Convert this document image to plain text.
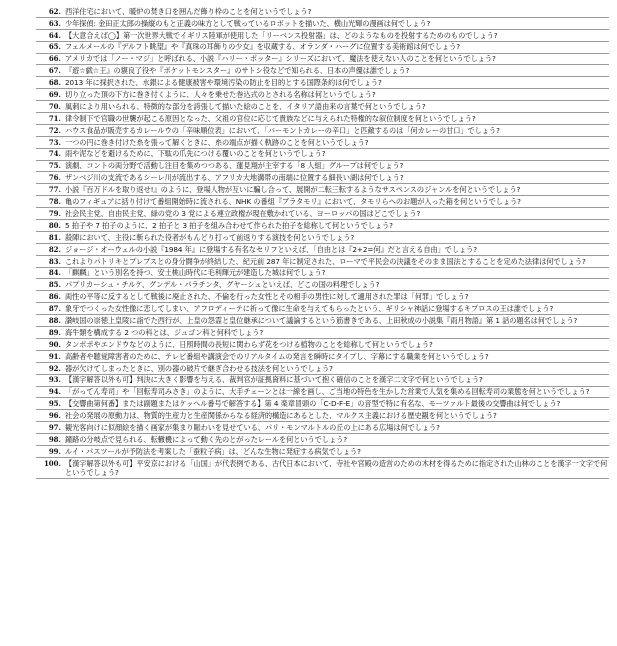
62. 西洋住宅において、暖炉の焚き口を囲んだ飾り枠のことを何というでしょう?
63. 少年探偵: 金田正太郎の操縦のもと正義の味方として戦っているロボットを描いた、横山光輝の漫画は何でしょう?
64. 【大意合えば◯】第一次世界大戦でイギリス陸軍が使用した「リーベンス投射器」は、どのようなものを投射するためのものでしょう?
65. フェルメールの『デルフト眺望』や『真珠の耳飾りの少女』を収蔵する、オランダ・ハーグに位置する美術館は何でしょう?
66. アメリカでは「ノー・マジ」と呼ばれる、小説『ハリー・ポッター』シリーズにおいて、魔法を使えない人のことを何というでしょう?
67. 『遊☆戯☆王』の貘良了役や『ポケットモンスター』のサトシ役などで知られる、日本の声優は誰でしょう?
68. 2013 年に採択された、水銀による健康被害や環境汚染の防止を目的とする国際条約は何でしょう?
69. 切り立った頂の下方に巻き付くように、人々を乗せた巻込式のとされる名称は何というでしょう?
70. 風刺により用いられる、特徴的な部分を誇張して描いた絵のことを、イタリア語由来の言葉で何というでしょう?
71. 律令制下で官職の世襲が起こる原因となった、父祖の官位に応じて貴族などに与えられた特権的な叙位制度を何というでしょう?
72. ハウス食品が販売するカレールウの「辛味順位表」において、「バーモントカレーの辛口」と匹敵するのは「何カレーの甘口」でしょう?
73. 一つの円に巻き付けた糸を張って解くときに、糸の端点が描く軌跡のことを何というでしょう?
74. 雨や泥などを避けるために、下駄の爪先につける覆いのことを何というでしょう?
75. 演劇、コントの両分野で活動し注目を集めつつある、蓮見翔が主宰する「8 人組」グループは何でしょう?
76. ザンベジ川の支流であるシーレ川が流出する、アフリカ大地溝帯の南端に位置する細長い湖は何でしょう?
77. 小説『百万ドルを取り返せ!』のように、登場人物が互いに騙し合って、展開が二転三転するようなサスペンスのジャンルを何というでしょう?
78. 亀のフィギュアに括り付けて番組開始時に流される、NHK の番組『ブラタモリ』において、タモリらへのお題が入った箱を何というでしょう?
79. 社会民主党、自由民主党、緑の党の 3 党による連立政権が現在敷かれている、ヨーロッパの国はどこでしょう?
80. 5 拍子や 7 拍子のように、2 拍子と 3 拍子を組み合わせて作られた拍子を総称して何というでしょう?
81. 殺陣において、主役に斬られた役者がもんどり打って前返りする演技を何というでしょう?
82. ジョージ・オーウェルの小説『1984 年』に登場する有名なセリフといえば、「自由とは『2+2=何』だと言える自由」でしょう?
83. これよりパトリキとプレブスとの身分闘争が終結した、紀元前 287 年に制定された、ローマで平民会の決議をそのまま国法とすることを定めた法律は何でしょう?
84. 「麒麟」という別名を持つ、安土桃山時代に毛利輝元が建造した城は何でしょう?
85. パプリカーシュ・チルケ、グンデル・パラチンタ、グヤーシュといえば、どこの国の料理でしょう?
86. 両性の平等に反するとして戦後に廃止された、不倫を行った女性とその相手の男性に対して適用された罪は「何罪」でしょう?
87. 象牙でつくった女性像に恋してしまい、アフロディーテに祈って像に生命を与えてもらったという、ギリシャ神話に登場するキプロスの王は誰でしょう?
88. 讃岐国の崇徳上皇陵に詣でた西行が、上皇の怨霊と皇位継承について議論するという筋書きである、上田秋成の小説集『雨月物語』第 1 話の題名は何でしょう?
89. 海牛類を構成する 2 つの科とは、ジュゴン科と何科でしょう?
90. タンポポやエンドウなどのように、日照時間の長短に関わらず花をつける植物のことを総称して何というでしょう?
91. 高齢者や聴覚障害者のために、テレビ番組や講演会でのリアルタイムの発言を瞬時にタイプし、字幕にする職業を何というでしょう?
92. 器が欠けてしまったときに、別の器の破片で継ぎ合わせる技法を何というでしょう?
93. 【漢字解答以外も可】判決に大きく影響を与える、裁判官が証拠資料に基づいて抱く確信のことを漢字二文字で何というでしょう?
94. 「がってん寿司」や「回転寿司みさき」のように、大手チェーンとは一線を画し、ご当地の特色を生かした営業で人気を集める回転寿司の業態を何というでしょう?
95. 【交響曲第何番】または副題またはケッヘル番号で解答する】第 4 楽章冒頭の「C-D-F-E」の音型で特に有名な、モーツァルト最後の交響曲は何でしょう?
96. 社会の発展の原動力は、物質的生産力と生産関係からなる経済的構造にあるとした、マルクス主義における歴史観を何というでしょう?
97. 観光客向けに似顔絵を描く画家が集まり賑わいを見せている、パリ・モンマルトルの丘の上にある広場は何でしょう?
98. 鐘路の分岐点で見られる、転轍機によって動く先のとがったレールを何というでしょう?
99. ルイ・パスツールが予防法を考案した「蚕粒子病」は、どんな生物に発症する病気でしょう?
100. 【漢字解答以外も可】平安京における「山国」が代表例である、古代日本において、寺社や宮殿の造営のための木材を得るために指定された山林のことを漢字一文字で何というでしょう?
